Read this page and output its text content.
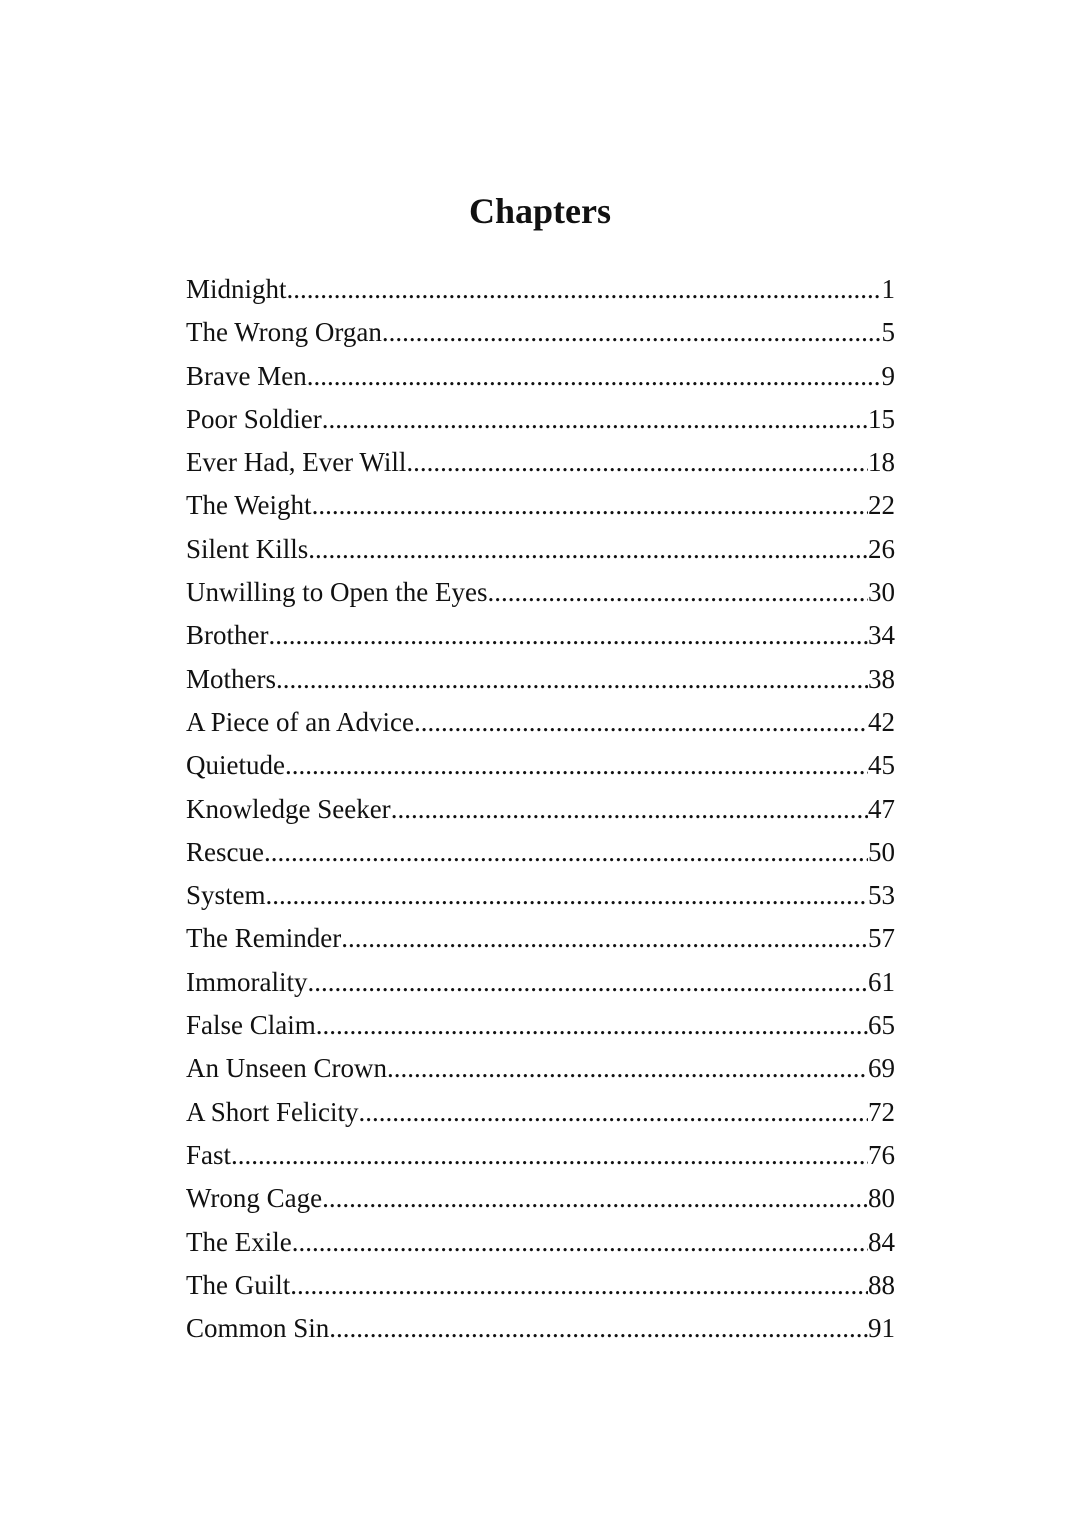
Chapters
Midnight .....	1
The Wrong Organ .....	5
Brave Men .....	9
Poor Soldier .....	15
Ever Had, Ever Will .....	18
The Weight .....	22
Silent Kills .....	26
Unwilling to Open the Eyes .....	30
Brother .....	34
Mothers .....	38
A Piece of an Advice .....	42
Quietude .....	45
Knowledge Seeker .....	47
Rescue .....	50
System .....	53
The Reminder .....	57
Immorality .....	61
False Claim .....	65
An Unseen Crown .....	69
A Short Felicity .....	72
Fast .....	76
Wrong Cage .....	80
The Exile .....	84
The Guilt .....	88
Common Sin .....	91
